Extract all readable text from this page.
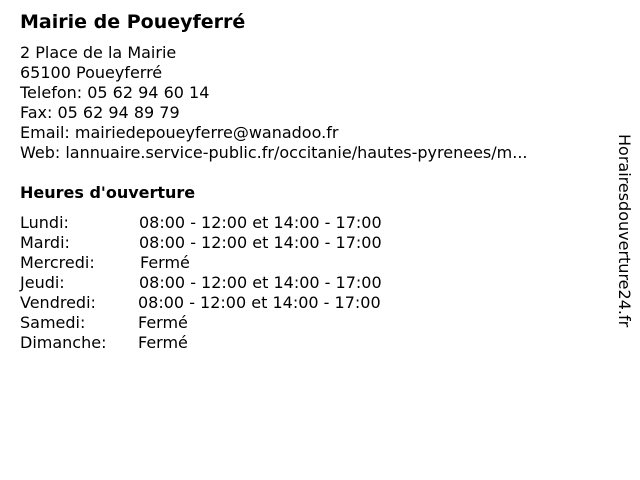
Mairie de Poueyferré
2 Place de la Mairie
65100 Poueyferré
Telefon: 05 62 94 60 14
Fax: 05 62 94 89 79
Email: mairiedepoueyferre@wanadoo.fr
Web: lannuaire.service-public.fr/occitanie/hautes-pyrenees/m...
Heures d'ouverture
Lundi:	08:00 - 12:00 et 14:00 - 17:00
Mardi:	08:00 - 12:00 et 14:00 - 17:00
Mercredi:	Fermé
Jeudi:	08:00 - 12:00 et 14:00 - 17:00
Vendredi:	08:00 - 12:00 et 14:00 - 17:00
Samedi:	Fermé
Dimanche: Fermé
Horairesdouverture24.fr
